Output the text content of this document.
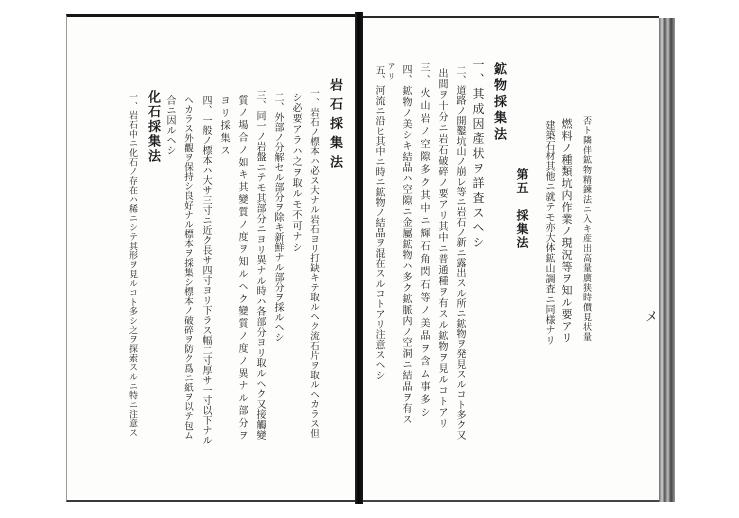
否ト隣伴鉱物精錬法ニ入キ産出高量廣狭時價見状量
燃料ノ種類坑内作業ノ現況等ヲ知ル要アリ
建築石材其他ニ就テモ亦大体鉱山調査ニ同様ナリ
第五　採集法
鉱物採集法
一、其成因產状ヲ詳査スヘシ
二、道路ノ開鑿坑山ノ崩レ等ニ岩石ノ新ニ露出スル所ニ鉱物ヲ発見スルコト多ク又
出間ヲ十分ニ岩石破碎ノ要アリ其中ニ普通種ヲ有スル鉱物ヲ見ルコトアリ
三、火山岩ノ空隙多ク其中ニ輝石角閃石等ノ美晶ヲ含ム事多シ
四、鉱物ノ美シキ結晶ハ空隙ニ金屬鉱物ハ多ク鉱脈内ノ空洞ニ結晶ヲ有ス
アリ
五、河流ニ沿ヒ其中ニ時ニ鉱物ノ結晶ヲ混在スルコトアリ注意スヘシ
岩石採集法
一、岩石ノ標本ハ必ス大ナル岩石ヨリ打缺キテ取ルヘク流石片ヲ取ルヘカラス但
シ必要アラハ之ヲ取ルモ不可ナシ
二、外部ノ分解セル部分ヲ除キ新鮮ナル部分ヲ採ルヘシ
三、同一ノ岩盤ニテモ其部分ニヨリ異ナル時ハ各部分ヨリ取ルヘク又接觸變
質ノ場合ノ如キ其變質ノ度ヲ知ルヘク變質ノ度ノ異ナル部分ヲ
ヨリ採集ス
四、一般ノ標本ハ大サ三寸ニ近ク長サ四寸ヨリ下ラス幅二寸厚サ一寸以下ナル
ヘカラス外觀ヲ保持シ良好ナル標本ヲ採集シ標本ノ破碎ヲ防ク爲ニ紙ヲ以テ包ム
合ニ因ルヘシ
化石採集法
一、岩石中ニ化石ノ存在ハ稀ニシテ其形ヲ見ルコト多シ之ヲ探索スルニ特ニ注意ス	メ
